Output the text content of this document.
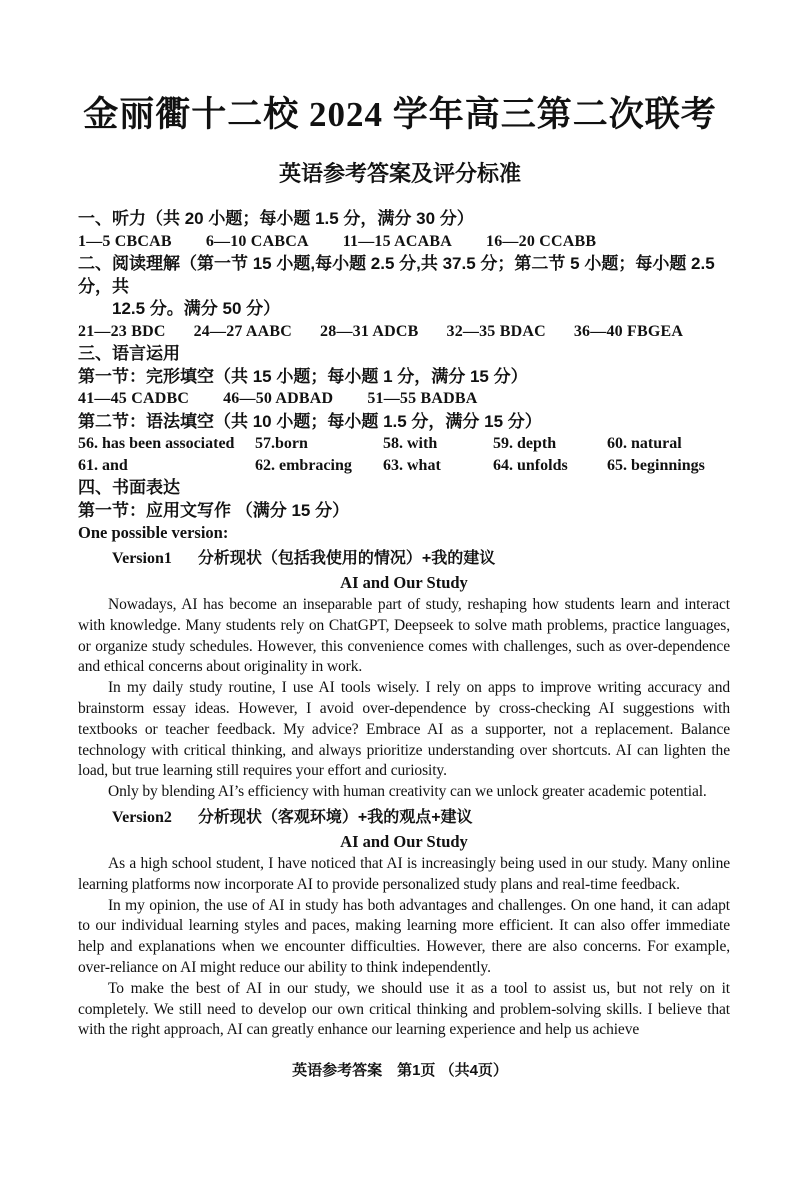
金丽衢十二校 2024 学年高三第二次联考
英语参考答案及评分标准

一、听力（共 20 小题；每小题 1.5 分，满分 30 分）

1—5 CBCAB 6—10 CABCA 11—15 ACABA 16—20 CCABB

二、阅读理解（第一节 15 小题,每小题 2.5 分,共 37.5 分；第二节 5 小题；每小题 2.5 分，共
12.5 分。满分 50 分）

21—23 BDC 24—27 AABC 28—31 ADCB 32—35 BDAC 36—40 FBGEA

三、语言运用

第一节：完形填空（共 15 小题；每小题 1 分，满分 15 分）

41—45 CADBC 46—50 ADBAD 51—55 BADBA

第二节：语法填空（共 10 小题；每小题 1.5 分，满分 15 分）

56. has been associated	57.born	58. with	59. depth	60. natural
61. and	62. embracing	63. what	64. unfolds	65. beginnings

四、书面表达

第一节：应用文写作 （满分 15 分）

One possible version:

Version1 分析现状（包括我使用的情况）+我的建议

AI and Our Study

Nowadays, AI has become an inseparable part of study, reshaping how students learn and interact with knowledge. Many students rely on ChatGPT, Deepseek to solve math problems, practice languages, or organize study schedules. However, this convenience comes with challenges, such as over-dependence and ethical concerns about originality in work.

In my daily study routine, I use AI tools wisely. I rely on apps to improve writing accuracy and brainstorm essay ideas. However, I avoid over-dependence by cross-checking AI suggestions with textbooks or teacher feedback. My advice? Embrace AI as a supporter, not a replacement. Balance technology with critical thinking, and always prioritize understanding over shortcuts. AI can lighten the load, but true learning still requires your effort and curiosity.

Only by blending AI’s efficiency with human creativity can we unlock greater academic potential.

Version2 分析现状（客观环境）+我的观点+建议

AI and Our Study

As a high school student, I have noticed that AI is increasingly being used in our study. Many online learning platforms now incorporate AI to provide personalized study plans and real-time feedback.

In my opinion, the use of AI in study has both advantages and challenges. On one hand, it can adapt to our individual learning styles and paces, making learning more efficient. It can also offer immediate help and explanations when we encounter difficulties. However, there are also concerns. For example, over-reliance on AI might reduce our ability to think independently.

To make the best of AI in our study, we should use it as a tool to assist us, but not rely on it completely. We still need to develop our own critical thinking and problem-solving skills. I believe that with the right approach, AI can greatly enhance our learning experience and help us achieve

英语参考答案　第1页 （共4页）
